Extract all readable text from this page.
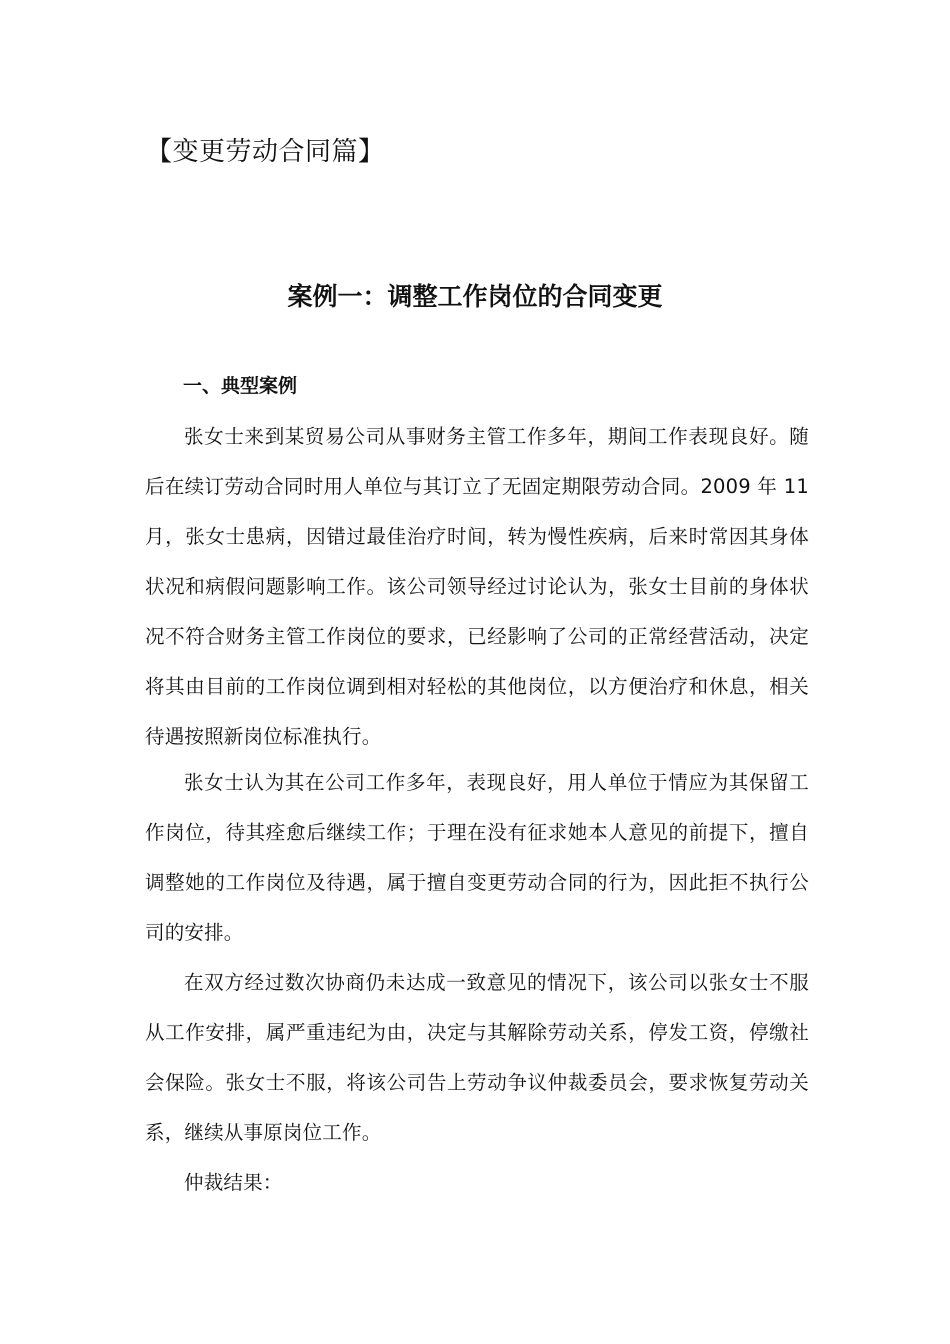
【变更劳动合同篇】
案例一：调整工作岗位的合同变更
一、典型案例

张女士来到某贸易公司从事财务主管工作多年，期间工作表现良好。随后在续订劳动合同时用人单位与其订立了无固定期限劳动合同。2009 年 11 月，张女士患病，因错过最佳治疗时间，转为慢性疾病，后来时常因其身体状况和病假问题影响工作。该公司领导经过讨论认为，张女士目前的身体状况不符合财务主管工作岗位的要求，已经影响了公司的正常经营活动，决定将其由目前的工作岗位调到相对轻松的其他岗位，以方便治疗和休息，相关待遇按照新岗位标准执行。

张女士认为其在公司工作多年，表现良好，用人单位于情应为其保留工作岗位，待其痊愈后继续工作；于理在没有征求她本人意见的前提下，擅自调整她的工作岗位及待遇，属于擅自变更劳动合同的行为，因此拒不执行公司的安排。

在双方经过数次协商仍未达成一致意见的情况下，该公司以张女士不服从工作安排，属严重违纪为由，决定与其解除劳动关系，停发工资，停缴社会保险。张女士不服，将该公司告上劳动争议仲裁委员会，要求恢复劳动关系，继续从事原岗位工作。

仲裁结果：
